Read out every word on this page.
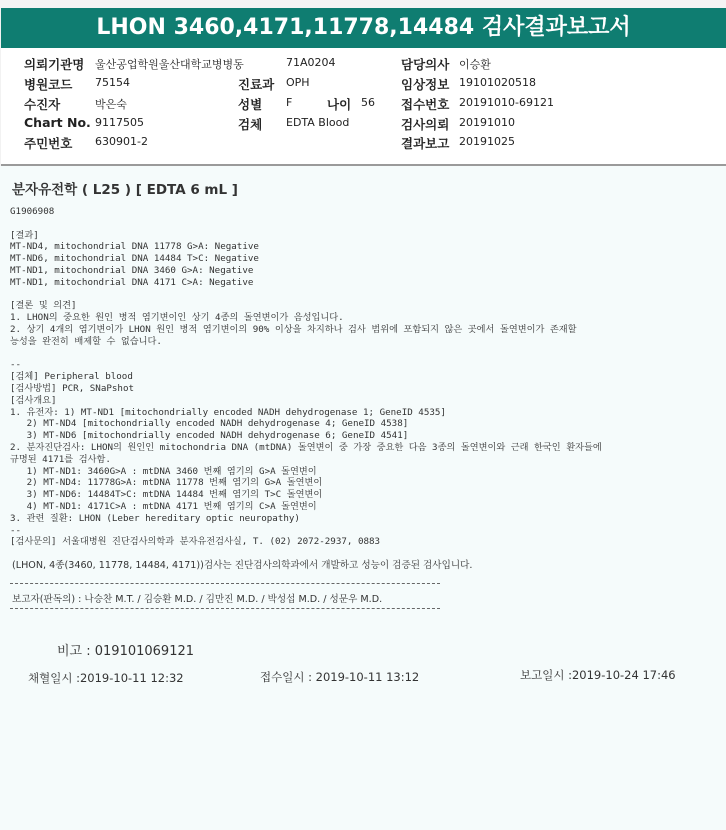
LHON 3460,4171,11778,14484 검사결과보고서
의뢰기관명 울산공업학원울산대학교병병동	71A0204	담당의사 이승환
병원코드 75154	진료과 OPH	임상정보 19101020518
수진자	박은숙	성별 F	나이 56 접수번호 20191010-69121
Chart No. 9117505	검체 EDTA Blood	검사의뢰 20191010
주민번호 630901-2	결과보고 20191025
분자유전학 ( L25 ) [ EDTA 6 mL ]
G1906908
[결과]
MT-ND4, mitochondrial DNA 11778 G>A: Negative
MT-ND6, mitochondrial DNA 14484 T>C: Negative
MT-ND1, mitochondrial DNA 3460 G>A: Negative
MT-ND1, mitochondrial DNA 4171 C>A: Negative
[결론 및 의견]
1. LHON의 중요한 원인 병적 염기변이인 상기 4종의 돌연변이가 음성입니다.
2. 상기 4개의 염기변이가 LHON 원인 병적 염기변이의 90% 이상을 차지하나 검사 범위에 포함되지 않은 곳에서 돌연변이가 존재할
능성을 완전히 배제할 수 없습니다.
--
[검체] Peripheral blood
[검사방법] PCR, SNaPshot
[검사개요]
1. 유전자: 1) MT-ND1 [mitochondrially encoded NADH dehydrogenase 1; GeneID 4535]
2) MT-ND4 [mitochondrially encoded NADH dehydrogenase 4; GeneID 4538]
3) MT-ND6 [mitochondrially encoded NADH dehydrogenase 6; GeneID 4541]
2. 분자진단검사: LHON의 원인인 mitochondria DNA (mtDNA) 돌연변이 중 가장 중요한 다음 3종의 돌연변이와 근래 한국인 환자들에
규명된 4171를 검사함.
1) MT-ND1: 3460G>A : mtDNA 3460 번째 염기의 G>A 돌연변이
2) MT-ND4: 11778G>A: mtDNA 11778 번째 염기의 G>A 돌연변이
3) MT-ND6: 14484T>C: mtDNA 14484 번째 염기의 T>C 돌연변이
4) MT-ND1: 4171C>A : mtDNA 4171 번째 염기의 C>A 돌연변이
3. 관련 질환: LHON (Leber hereditary optic neuropathy)
--
[검사문의] 서울대병원 진단검사의학과 분자유전검사실, T. (02) 2072-2937, 0883
(LHON, 4종(3460, 11778, 14484, 4171))검사는 진단검사의학과에서 개발하고 성능이 검증된 검사입니다.
보고자(판독의) : 나승찬 M.T. / 김승환 M.D. / 김만진 M.D. / 박성섭 M.D. / 성문우 M.D.
비고 : 019101069121
채혈일시 :2019-10-11 12:32	접수일시 : 2019-10-11 13:12	보고일시 :2019-10-24 17:46
